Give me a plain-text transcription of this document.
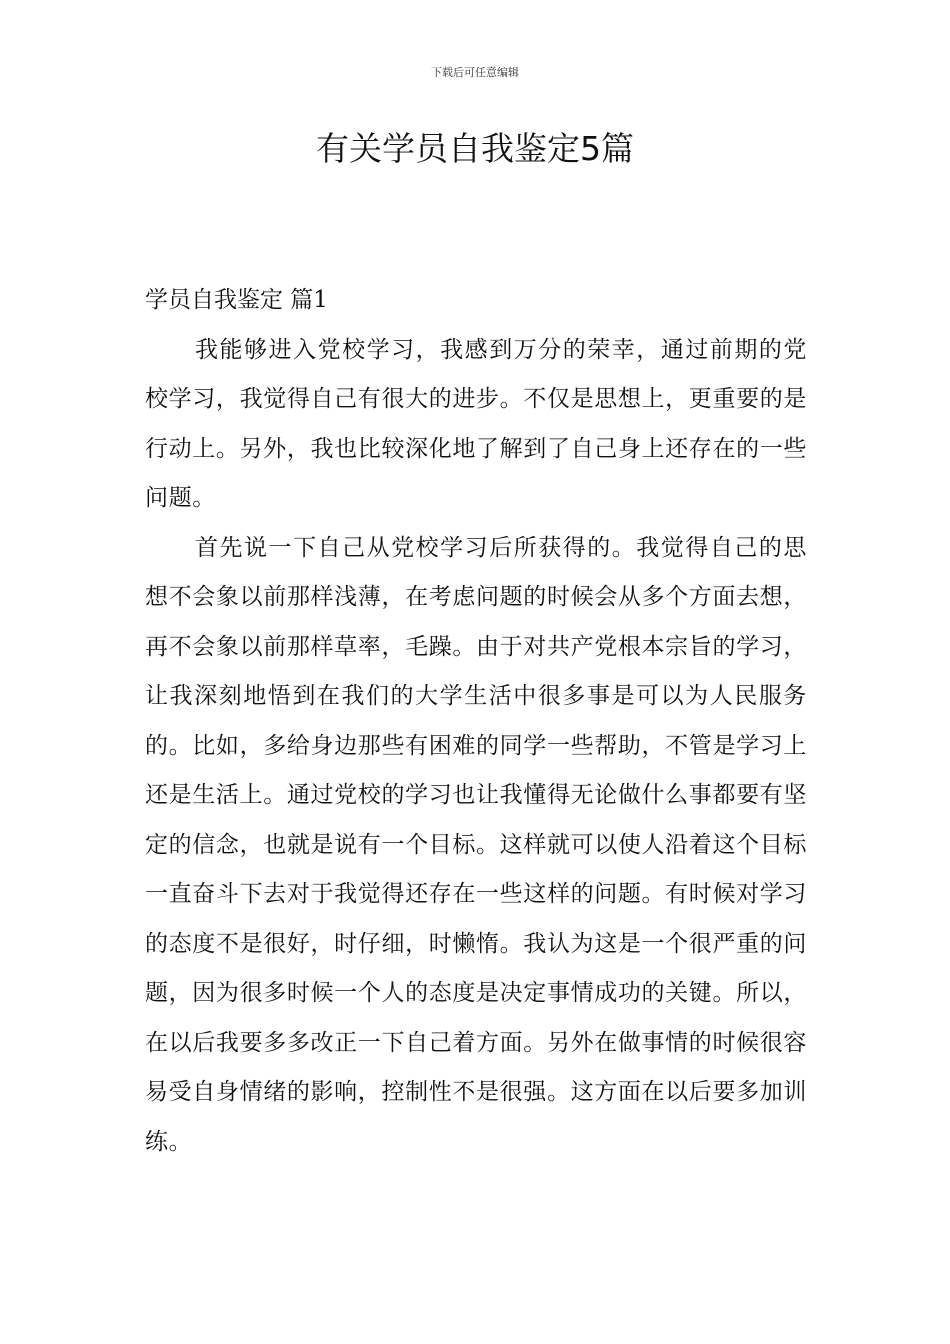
下载后可任意编辑
有关学员自我鉴定5篇

学员自我鉴定 篇1

我能够进入党校学习，我感到万分的荣幸，通过前期的党校学习，我觉得自己有很大的进步。不仅是思想上，更重要的是行动上。另外，我也比较深化地了解到了自己身上还存在的一些问题。

首先说一下自己从党校学习后所获得的。我觉得自己的思想不会象以前那样浅薄，在考虑问题的时候会从多个方面去想，再不会象以前那样草率，毛躁。由于对共产党根本宗旨的学习，让我深刻地悟到在我们的大学生活中很多事是可以为人民服务的。比如，多给身边那些有困难的同学一些帮助，不管是学习上还是生活上。通过党校的学习也让我懂得无论做什么事都要有坚定的信念，也就是说有一个目标。这样就可以使人沿着这个目标一直奋斗下去对于我觉得还存在一些这样的问题。有时候对学习的态度不是很好，时仔细，时懒惰。我认为这是一个很严重的问题，因为很多时候一个人的态度是决定事情成功的关键。所以，在以后我要多多改正一下自己着方面。另外在做事情的时候很容易受自身情绪的影响，控制性不是很强。这方面在以后要多加训练。
